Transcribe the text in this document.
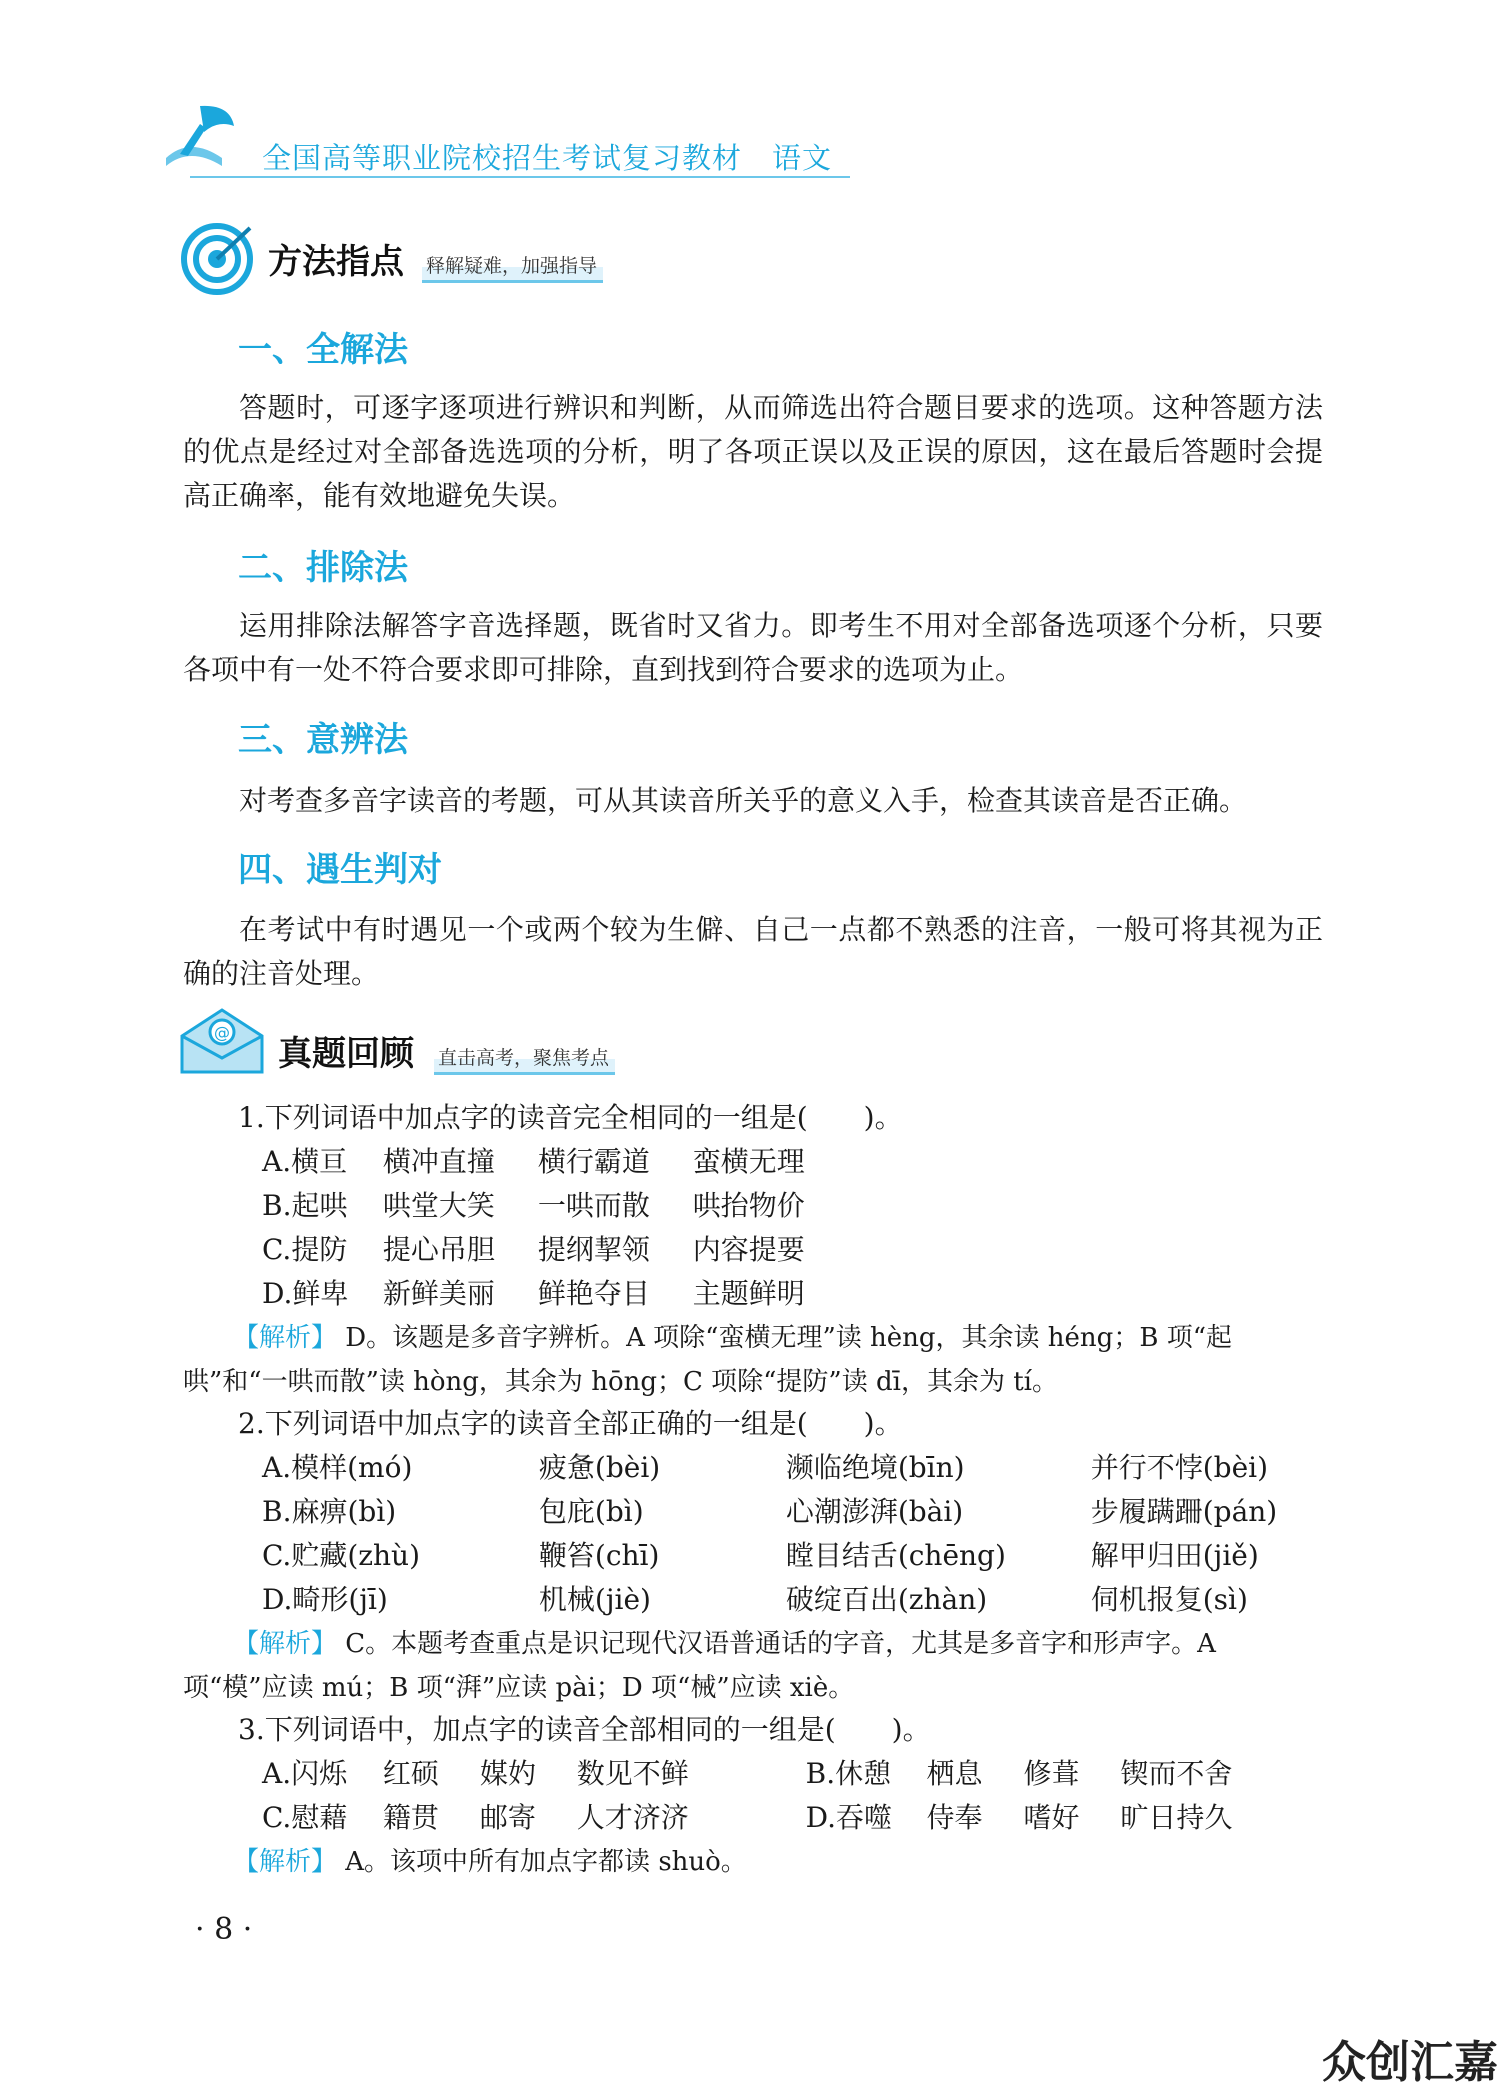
全国高等职业院校招生考试复习教材　语文
方法指点 释解疑难，加强指导
一、全解法

答题时，可逐字逐项进行辨识和判断，从而筛选出符合题目要求的选项。这种答题方法的优点是经过对全部备选选项的分析，明了各项正误以及正误的原因，这在最后答题时会提高正确率，能有效地避免失误。

二、排除法

运用排除法解答字音选择题，既省时又省力。即考生不用对全部备选项逐个分析，只要各项中有一处不符合要求即可排除，直到找到符合要求的选项为止。

三、意辨法

对考查多音字读音的考题，可从其读音所关乎的意义入手，检查其读音是否正确。

四、遇生判对

在考试中有时遇见一个或两个较为生僻、自己一点都不熟悉的注音，一般可将其视为正确的注音处理。

@
真题回顾 直击高考，聚焦考点
1.下列词语中加点字的读音完全相同的一组是(　　)。
A.横亘 横冲直撞 横行霸道 蛮横无理
B.起哄 哄堂大笑 一哄而散 哄抬物价
C.提防 提心吊胆 提纲挈领 内容提要
D.鲜卑 新鲜美丽 鲜艳夺目 主题鲜明

【解析】 D。该题是多音字辨析。A 项除“蛮横无理”读 hèng，其余读 héng；B 项“起哄”和“一哄而散”读 hòng，其余为 hōng；C 项除“提防”读 dī，其余为 tí。

2.下列词语中加点字的读音全部正确的一组是(　　)。
A.模样(mó)	疲惫(bèi)	濒临绝境(bīn)	并行不悖(bèi)
B.麻痹(bì)	包庇(bì)	心潮澎湃(bài)	步履蹒跚(pán)
C.贮藏(zhù)	鞭笞(chī)	瞠目结舌(chēng)	解甲归田(jiě)
D.畸形(jī)	机械(jiè)	破绽百出(zhàn)	伺机报复(sì)

【解析】 C。本题考查重点是识记现代汉语普通话的字音，尤其是多音字和形声字。A 项“模”应读 mú；B 项“湃”应读 pài；D 项“械”应读 xiè。

3.下列词语中，加点字的读音全部相同的一组是(　　)。
A.闪烁 红硕 媒妁 数见不鲜	B.休憩 栖息 修葺 锲而不舍
C.慰藉 籍贯 邮寄 人才济济	D.吞噬 侍奉 嗜好 旷日持久

【解析】 A。该项中所有加点字都读 shuò。

· 8 ·
众创汇嘉
